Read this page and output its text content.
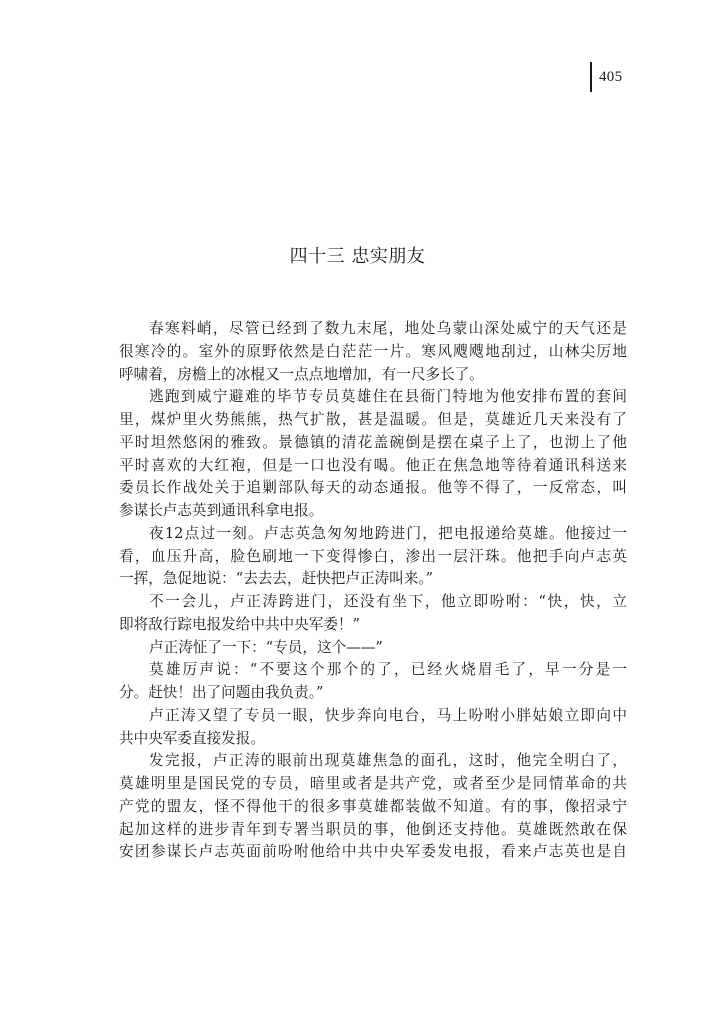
405
四十三 忠实朋友
春寒料峭，尽管已经到了数九末尾，地处乌蒙山深处威宁的天气还是
很寒冷的。室外的原野依然是白茫茫一片。寒风飕飕地刮过，山林尖厉地
呼啸着，房檐上的冰棍又一点点地增加，有一尺多长了。
逃跑到威宁避难的毕节专员莫雄住在县衙门特地为他安排布置的套间
里，煤炉里火势熊熊，热气扩散，甚是温暖。但是，莫雄近几天来没有了
平时坦然悠闲的雅致。景德镇的清花盖碗倒是摆在桌子上了，也沏上了他
平时喜欢的大红袍，但是一口也没有喝。他正在焦急地等待着通讯科送来
委员长作战处关于追剿部队每天的动态通报。他等不得了，一反常态，叫
参谋长卢志英到通讯科拿电报。
夜12点过一刻。卢志英急匆匆地跨进门，把电报递给莫雄。他接过一
看，血压升高，脸色刷地一下变得惨白，渗出一层汗珠。他把手向卢志英
一挥，急促地说：“去去去，赶快把卢正涛叫来。”
不一会儿，卢正涛跨进门，还没有坐下，他立即吩咐：“快，快，立
即将敌行踪电报发给中共中央军委！”
卢正涛怔了一下：“专员，这个——”
莫雄厉声说：“不要这个那个的了，已经火烧眉毛了，早一分是一
分。赶快！出了问题由我负责。”
卢正涛又望了专员一眼，快步奔向电台，马上吩咐小胖姑娘立即向中
共中央军委直接发报。
发完报，卢正涛的眼前出现莫雄焦急的面孔，这时，他完全明白了，
莫雄明里是国民党的专员，暗里或者是共产党，或者至少是同情革命的共
产党的盟友，怪不得他干的很多事莫雄都装做不知道。有的事，像招录宁
起加这样的进步青年到专署当职员的事，他倒还支持他。莫雄既然敢在保
安团参谋长卢志英面前吩咐他给中共中央军委发电报，看来卢志英也是自
